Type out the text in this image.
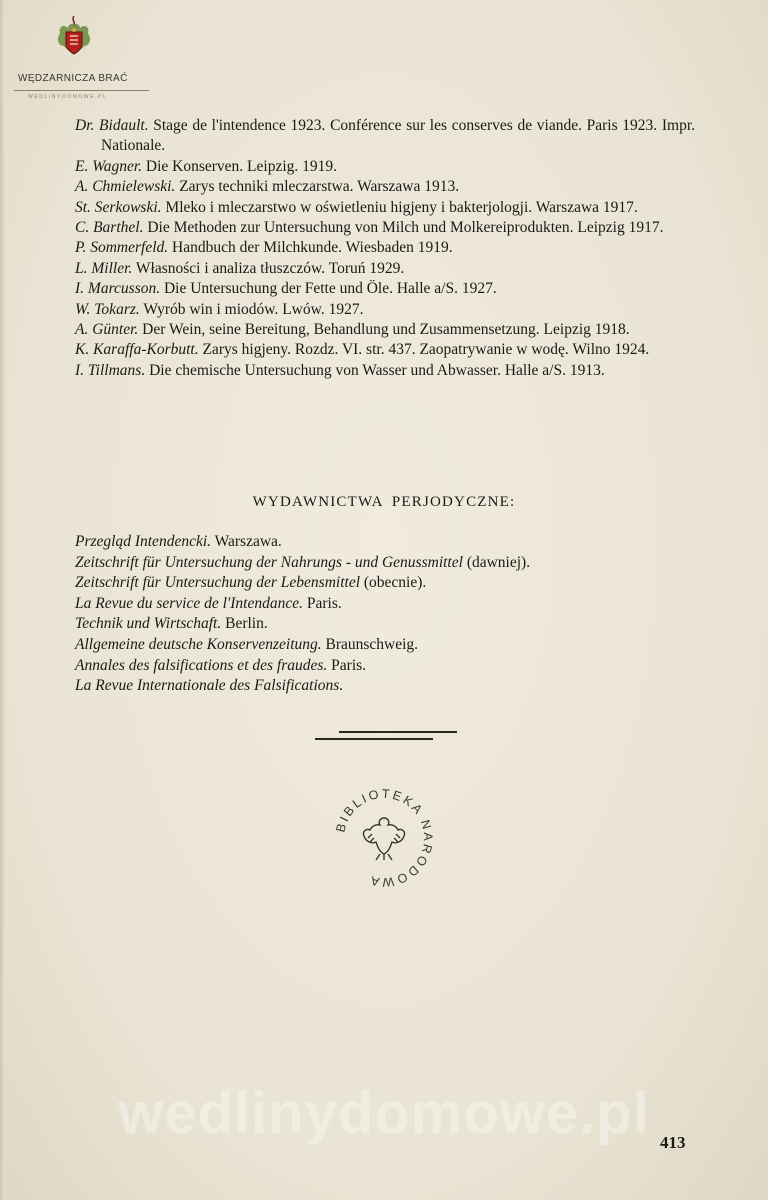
WĘDZARNICZA BRAĆ
WEDLINYDOMOWE.PL
Dr. Bidault. Stage de l'intendence 1923. Conférence sur les conserves de viande. Paris 1923. Impr. Nationale.
E. Wagner. Die Konserven. Leipzig. 1919.
A. Chmielewski. Zarys techniki mleczarstwa. Warszawa 1913.
St. Serkowski. Mleko i mleczarstwo w oświetleniu higjeny i bakterjologji. Warszawa 1917.
C. Barthel. Die Methoden zur Untersuchung von Milch und Molkereiprodukten. Leipzig 1917.
P. Sommerfeld. Handbuch der Milchkunde. Wiesbaden 1919.
L. Miller. Własności i analiza tłuszczów. Toruń 1929.
I. Marcusson. Die Untersuchung der Fette und Öle. Halle a/S. 1927.
W. Tokarz. Wyrób win i miodów. Lwów. 1927.
A. Günter. Der Wein, seine Bereitung, Behandlung und Zusammensetzung. Leipzig 1918.
K. Karaffa-Korbutt. Zarys higjeny. Rozdz. VI. str. 437. Zaopatrywanie w wodę. Wilno 1924.
I. Tillmans. Die chemische Untersuchung von Wasser und Abwasser. Halle a/S. 1913.
WYDAWNICTWA PERJODYCZNE:
Przegląd Intendencki. Warszawa.
Zeitschrift für Untersuchung der Nahrungs - und Genussmittel (dawniej).
Zeitschrift für Untersuchung der Lebensmittel (obecnie).
La Revue du service de l'Intendance. Paris.
Technik und Wirtschaft. Berlin.
Allgemeine deutsche Konservenzeitung. Braunschweig.
Annales des falsifications et des fraudes. Paris.
La Revue Internationale des Falsifications.
BIBLIOTEKA NARODOWA
wedlinydomowe.pl 413
